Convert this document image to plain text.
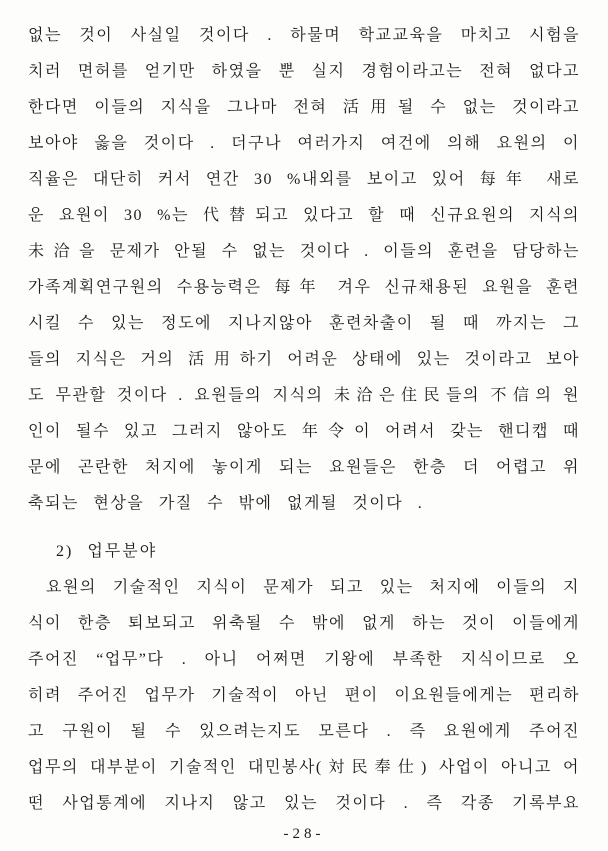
없는 것이 사실일 것이다 . 하물며 학교교육을 마치고 시험을
치러 면허를 얻기만 하였을 뿐 실지 경험이라고는 전혀 없다고
한다면 이들의 지식을 그나마 전혀 活用될 수 없는 것이라고
보아야 옳을 것이다 . 더구나 여러가지 여건에 의해 요원의 이
직율은 대단히 커서 연간 30 %내외를 보이고 있어 每年 새로
운 요원이 30 %는 代替되고 있다고 할 때 신규요원의 지식의
未洽을 문제가 안될 수 없는 것이다 . 이들의 훈련을 담당하는
가족계획연구원의 수용능력은 每年 겨우 신규채용된 요원을 훈련
시킬 수 있는 정도에 지나지않아 훈련차출이 될 때 까지는 그
들의 지식은 거의 活用하기 어려운 상태에 있는 것이라고 보아
도 무관할 것이다 . 요원들의 지식의 未洽은住民들의 不信의 원
인이 될수 있고 그러지 않아도 年令이 어려서 갖는 핸디캡 때
문에 곤란한 처지에 놓이게 되는 요원들은 한층 더 어렵고 위
축되는 현상을 가질 수 밖에 없게될 것이다 .
2) 업무분야
요원의 기술적인 지식이 문제가 되고 있는 처지에 이들의 지
식이 한층 퇴보되고 위축될 수 밖에 없게 하는 것이 이들에게
주어진 “업무”다 . 아니 어쩌면 기왕에 부족한 지식이므로 오
히려 주어진 업무가 기술적이 아닌 편이 이요원들에게는 편리하
고 구원이 될 수 있으려는지도 모른다 . 즉 요원에게 주어진
업무의 대부분이 기술적인 대민봉사(対民奉仕) 사업이 아니고 어
떤 사업통계에 지나지 않고 있는 것이다 . 즉 각종 기록부요
-28-
